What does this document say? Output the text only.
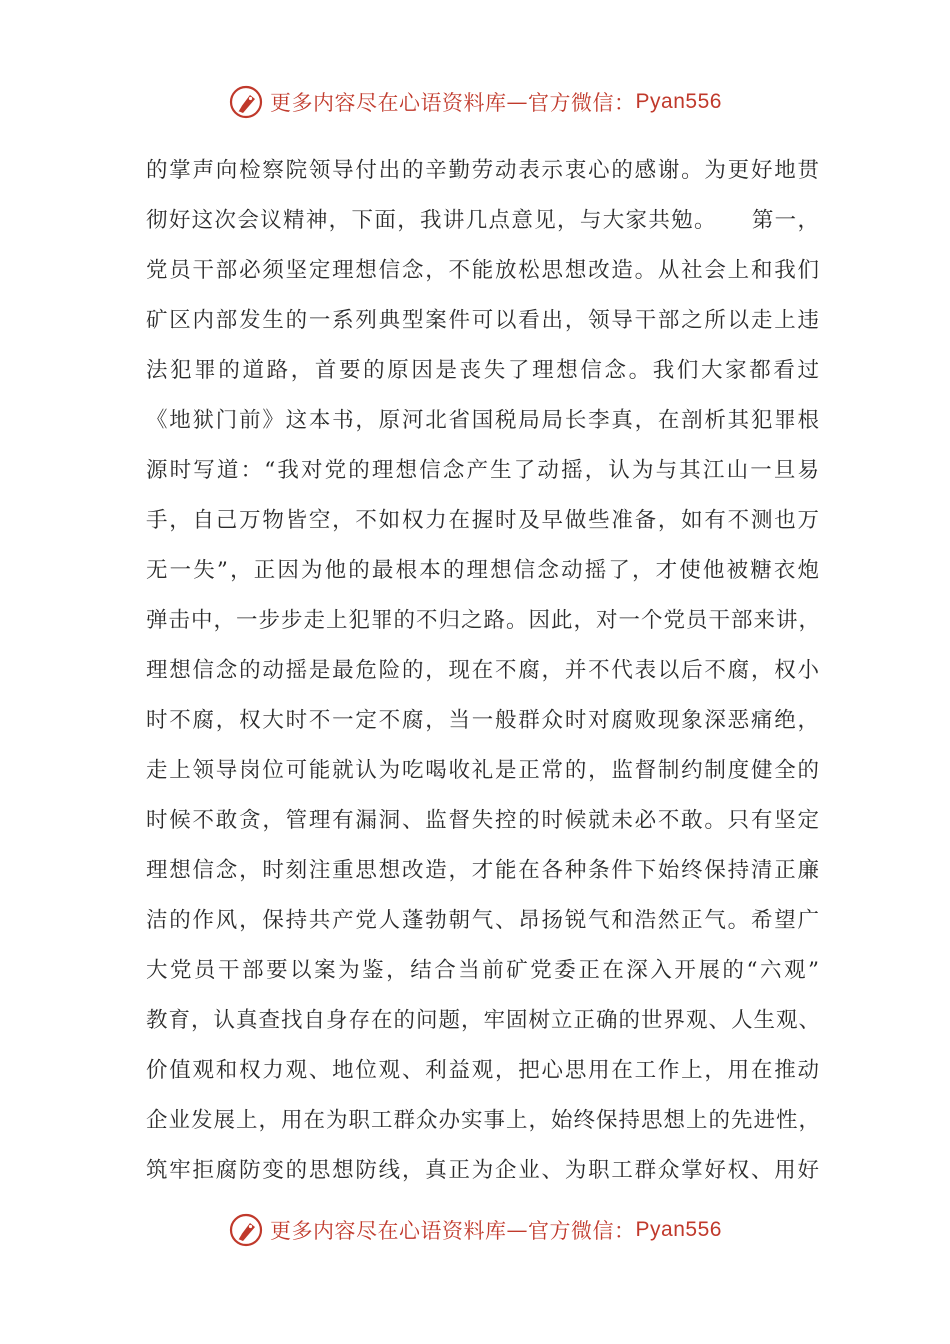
更多内容尽在心语资料库 — 官方微信： Pyan556
的掌声向检察院领导付出的辛勤劳动表示衷心的感谢。为更好地贯
彻好这次会议精神，下面，我讲几点意见，与大家共勉。　　第一，
党员干部必须坚定理想信念，不能放松思想改造。从社会上和我们
矿区内部发生的一系列典型案件可以看出，领导干部之所以走上违
法犯罪的道路，首要的原因是丧失了理想信念。我们大家都看过
《地狱门前》这本书，原河北省国税局局长李真，在剖析其犯罪根
源时写道：“我对党的理想信念产生了动摇，认为与其江山一旦易
手，自己万物皆空，不如权力在握时及早做些准备，如有不测也万
无一失”，正因为他的最根本的理想信念动摇了，才使他被糖衣炮
弹击中，一步步走上犯罪的不归之路。因此，对一个党员干部来讲，
理想信念的动摇是最危险的，现在不腐，并不代表以后不腐，权小
时不腐，权大时不一定不腐，当一般群众时对腐败现象深恶痛绝，
走上领导岗位可能就认为吃喝收礼是正常的，监督制约制度健全的
时候不敢贪，管理有漏洞、监督失控的时候就未必不敢。只有坚定
理想信念，时刻注重思想改造，才能在各种条件下始终保持清正廉
洁的作风，保持共产党人蓬勃朝气、昂扬锐气和浩然正气。希望广
大党员干部要以案为鉴，结合当前矿党委正在深入开展的“六观”
教育，认真查找自身存在的问题，牢固树立正确的世界观、人生观、
价值观和权力观、地位观、利益观，把心思用在工作上，用在推动
企业发展上，用在为职工群众办实事上，始终保持思想上的先进性，
筑牢拒腐防变的思想防线，真正为企业、为职工群众掌好权、用好
更多内容尽在心语资料库 — 官方微信： Pyan556
